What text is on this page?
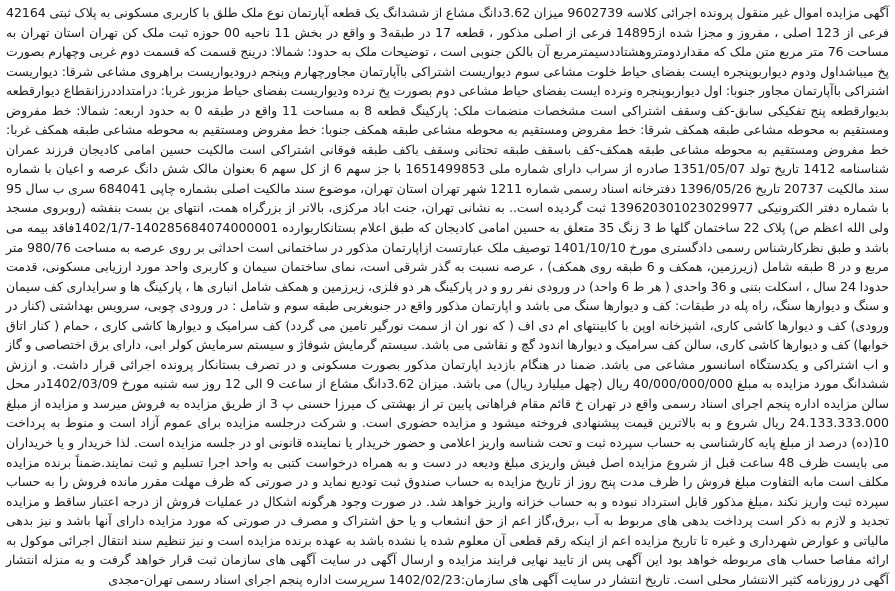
آگهی مزایده اموال غیر منقول پرونده اجرائی کلاسه 9602739 میزان 3.62دانگ مشاع از ششدانگ یک قطعه آپارتمان نوع ملک طلق با کاربری مسکونی به پلاک ثبتی 42164 فرعی از 123 اصلی ، مفروز و مجزا شده از14895 فرعی از اصلی مذکور ، قطعه 17 در طبقه3 و واقع در بخش 11 ناحیه 00 حوزه ثبت ملک کن تهران استان تهران به مساحت 76 متر مربع متن ملک که مقداردومتروهشتاددسیمترمربع آن بالکن جنوبی است ، توضیحات ملک به حدود: شمالا: درینج قسمت که قسمت دوم غربی وچهارم بصورت پخ میباشداول ودوم دیواربوپنجره ایست بفضای حیاط خلوت مشاعی سوم دیواریست اشتراکی باآپارتمان مجاورچهارم وپنجم درودیواریست براهروی مشاعی شرقا: دیواریست اشتراکی باآپارتمان مجاور جنوبا: اول دیواربوپنجره ونرده ایست بفضای حیاط مشاعی دوم بصورت پخ نرده ودیواریست بفضای حیاط مزبور غربا: درامتداددرزانقطاع دیوارقطعه بدیوارقطعه پنج تفکیکی سابق-کف وسقف اشتراکی است مشخصات منضمات ملک: پارکینگ قطعه 8 به مساحت 11 واقع در طبقه 0 به حدود اربعه: شمالا: خط مفروض ومستقیم به محوطه مشاعی طبقه همکف شرقا: خط مفروض ومستقیم به محوطه مشاعی طبقه همکف جنوبا: خط مفروض ومستقیم به محوطه مشاعی طبقه همکف غربا: خط مفروض ومستقیم به محوطه مشاعی طبقه همکف-کف باسقف طبقه تحتانی وسقف باکف طبقه فوقانی اشتراکی است مالکیت حسین امامی کادیجان فرزند عمران شناسنامه 1412 تاریخ تولد 1351/05/07 صادره از سراب دارای شماره ملی 1651499853 با جز سهم 6 از کل سهم 6 بعنوان مالک شش دانگ عرصه و اعیان با شماره سند مالکیت 20737 تاریخ 1396/05/26 دفترخانه اسناد رسمی شماره 1211 شهر تهران استان تهران، موضوع سند مالکیت اصلی بشماره چاپی 684041 سری ب سال 95 با شماره دفتر الکترونیکی 139620301023029977 ثبت گردیده است.. به نشانی تهران، جنت اباد مرکزی، بالاتر از بزرگراه همت، انتهای بن بست بنفشه (روبروی مسجد ولی الله اعظم ص) پلاک 22 ساختمان گلها ط 3 زنگ 35 متعلق به حسین امامی کادیجان که طبق اعلام بستانکاربوارده 140285684074000001-1402/1/7فاقد بیمه می باشد و طبق نظرکارشناس رسمی دادگستری مورخ 1401/10/10 توصیف ملک عبارتست ازاپارتمان مذکور در ساختمانی است احداثی بر روی عرصه به مساحت 980/76 متر مربع و در 8 طبقه شامل (زیرزمین، همکف و 6 طبقه روی همکف) ، عرصه نسبت به گذر شرقی است، نمای ساختمان سیمان و کاربری واحد مورد ارزیابی مسکونی، قدمت حدودا 24 سال ، اسکلت بتنی و 36 واحدی ( هر ط 6 واحد) در ورودی نفر رو و در پارکینگ هر دو فلزی، زیرزمین و همکف شامل انباری ها ، پارکینگ ها و سرایداری کف سیمان و سنگ و دیوارها سنگ، راه پله در طبقات: کف و دیوارها سنگ می باشد و اپارتمان مذکور واقع در جنوبغربی طبقه سوم و شامل : در ورودی چوبی، سرویس بهداشتی (کنار در ورودی) کف و دیوارها کاشی کاری، اشپزخانه اوپن با کابینتهای ام دی اف ( که نور ان از سمت نورگیر تامین می گردد) کف سرامیک و دیوارها کاشی کاری ، حمام ( کنار اتاق خوابها) کف و دیوارها کاشی کاری، سالن کف سرامیک و دیوارها اندود گچ و نقاشی می باشد. سیستم گرمایش شوفاژ و سیستم سرمایش کولر ابی، دارای برق اختصاصی و گاز و اب اشتراکی و یکدستگاه اسانسور مشاعی می باشد. ضمنا در هنگام بازدید اپارتمان مذکور بصورت مسکونی و در تصرف بستانکار پرونده اجرائی قرار داشت. و ارزش ششدانگ مورد مزایده به مبلغ 40/000/000/000 ریال (چهل میلیارد ریال) می باشد. میزان 3.62دانگ مشاع از ساعت 9 الی 12 روز سه شنبه مورخ 1402/03/09در محل سالن مزایده اداره پنجم اجرای اسناد رسمی واقع در تهران خ قائم مقام فراهانی پایین تر از بهشتی ک میرزا حسنی پ 3 از طریق مزایده به فروش میرسد و مزایده از مبلغ 24.133.333.000 ریال شروع و به بالاترین قیمت پیشنهادی فروخته میشود و مزایده حضوری است. و شرکت درجلسه مزایده برای عموم آزاد است و منوط به پرداخت 10(ده) درصد از مبلغ پایه کارشناسی به حساب سپرده ثبت و تحت شناسه واریز اعلامی و حضور خریدار یا نماینده قانونی او در جلسه مزایده است. لذا خریدار و یا خریداران می بایست ظرف 48 ساعت قبل از شروع مزایده اصل فیش واریزی مبلغ ودیعه در دست و به همراه درخواست کتبی به واحد اجرا تسلیم و ثبت نمایند.ضمناً برنده مزایده مکلف است مابه التفاوت مبلغ فروش را ظرف مدت پنج روز از تاریخ مزایده به حساب صندوق ثبت تودیع نماید و در صورتی که ظرف مهلت مقرر مانده فروش را به حساب سپرده ثبت واریز نکند ،مبلغ مذکور قابل استرداد نبوده و به حساب خزانه واریز خواهد شد. در صورت وجود هرگونه اشکال در عملیات فروش از درجه اعتبار ساقط و مزایده تجدید و لازم به ذکر است پرداخت بدهی های مربوط به آب ،برق،گاز اعم از حق انشعاب و یا حق اشتراک و مصرف در صورتی که مورد مزایده دارای آنها باشد و نیز بدهی مالیاتی و عوارض شهرداری و غیره تا تاریخ مزایده اعم از اینکه رقم قطعی آن معلوم شده یا نشده باشد به عهده برنده مزایده است و نیز تنظیم سند انتقال اجرائی موکول به ارائه مفاصا حساب های مربوطه خواهد بود این آگهی پس از تایید نهایی فرایند مزایده و ارسال آگهی در سایت آگهی های سازمان ثبت قرار خواهد گرفت و به منزله انتشار آگهی در روزنامه کثیر الانتشار محلی است. تاریخ انتشار در سایت آگهی های سازمان:1402/02/23 سرپرست اداره پنجم اجرای اسناد رسمی تهران-مجدی
